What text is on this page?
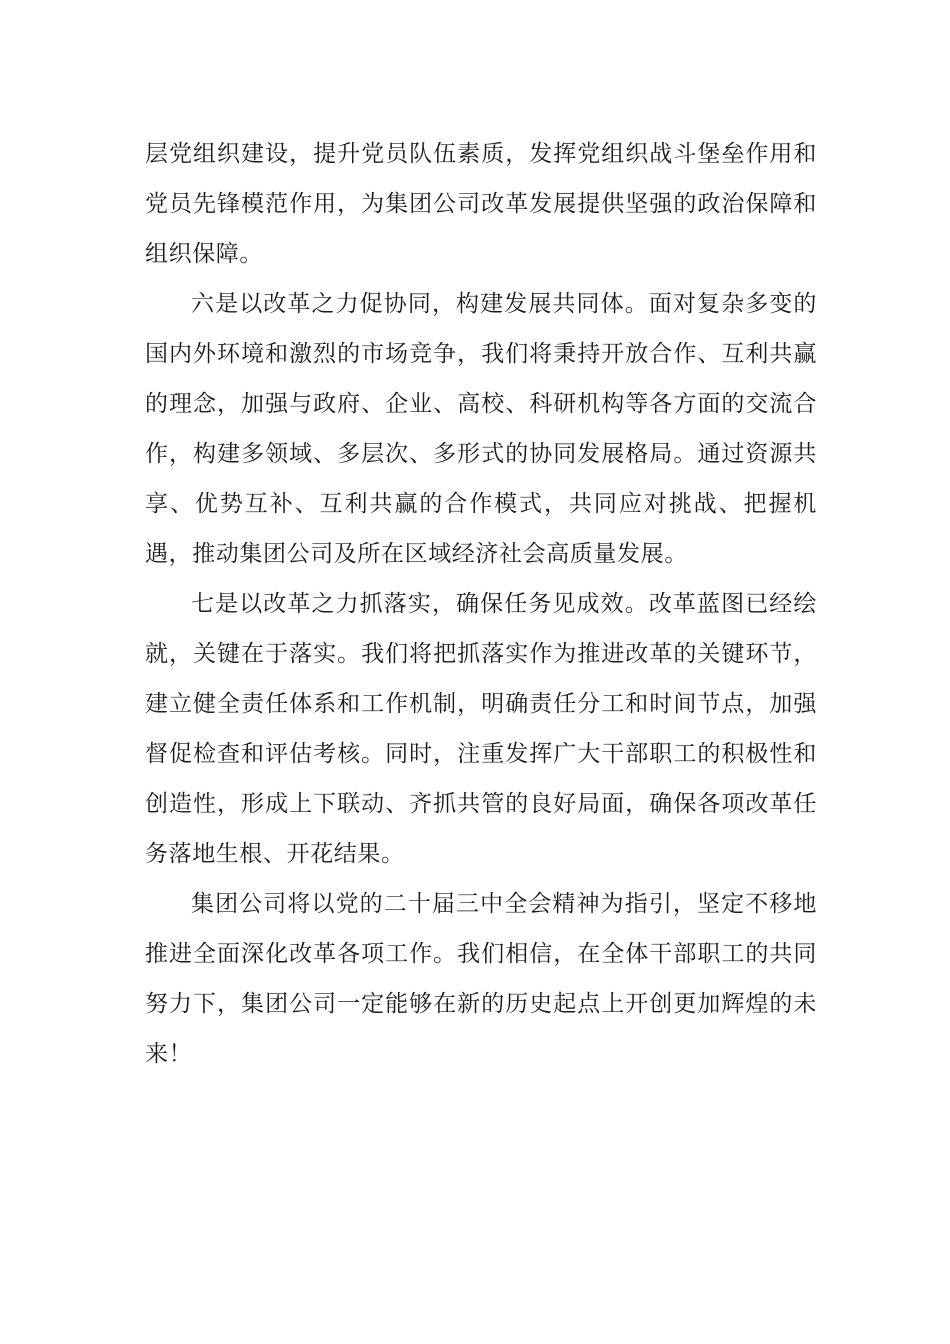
层党组织建设，提升党员队伍素质，发挥党组织战斗堡垒作用和党员先锋模范作用，为集团公司改革发展提供坚强的政治保障和组织保障。

六是以改革之力促协同，构建发展共同体。面对复杂多变的国内外环境和激烈的市场竞争，我们将秉持开放合作、互利共赢的理念，加强与政府、企业、高校、科研机构等各方面的交流合作，构建多领域、多层次、多形式的协同发展格局。通过资源共享、优势互补、互利共赢的合作模式，共同应对挑战、把握机遇，推动集团公司及所在区域经济社会高质量发展。

七是以改革之力抓落实，确保任务见成效。改革蓝图已经绘就，关键在于落实。我们将把抓落实作为推进改革的关键环节，建立健全责任体系和工作机制，明确责任分工和时间节点，加强督促检查和评估考核。同时，注重发挥广大干部职工的积极性和创造性，形成上下联动、齐抓共管的良好局面，确保各项改革任务落地生根、开花结果。

集团公司将以党的二十届三中全会精神为指引，坚定不移地推进全面深化改革各项工作。我们相信，在全体干部职工的共同努力下，集团公司一定能够在新的历史起点上开创更加辉煌的未来！
